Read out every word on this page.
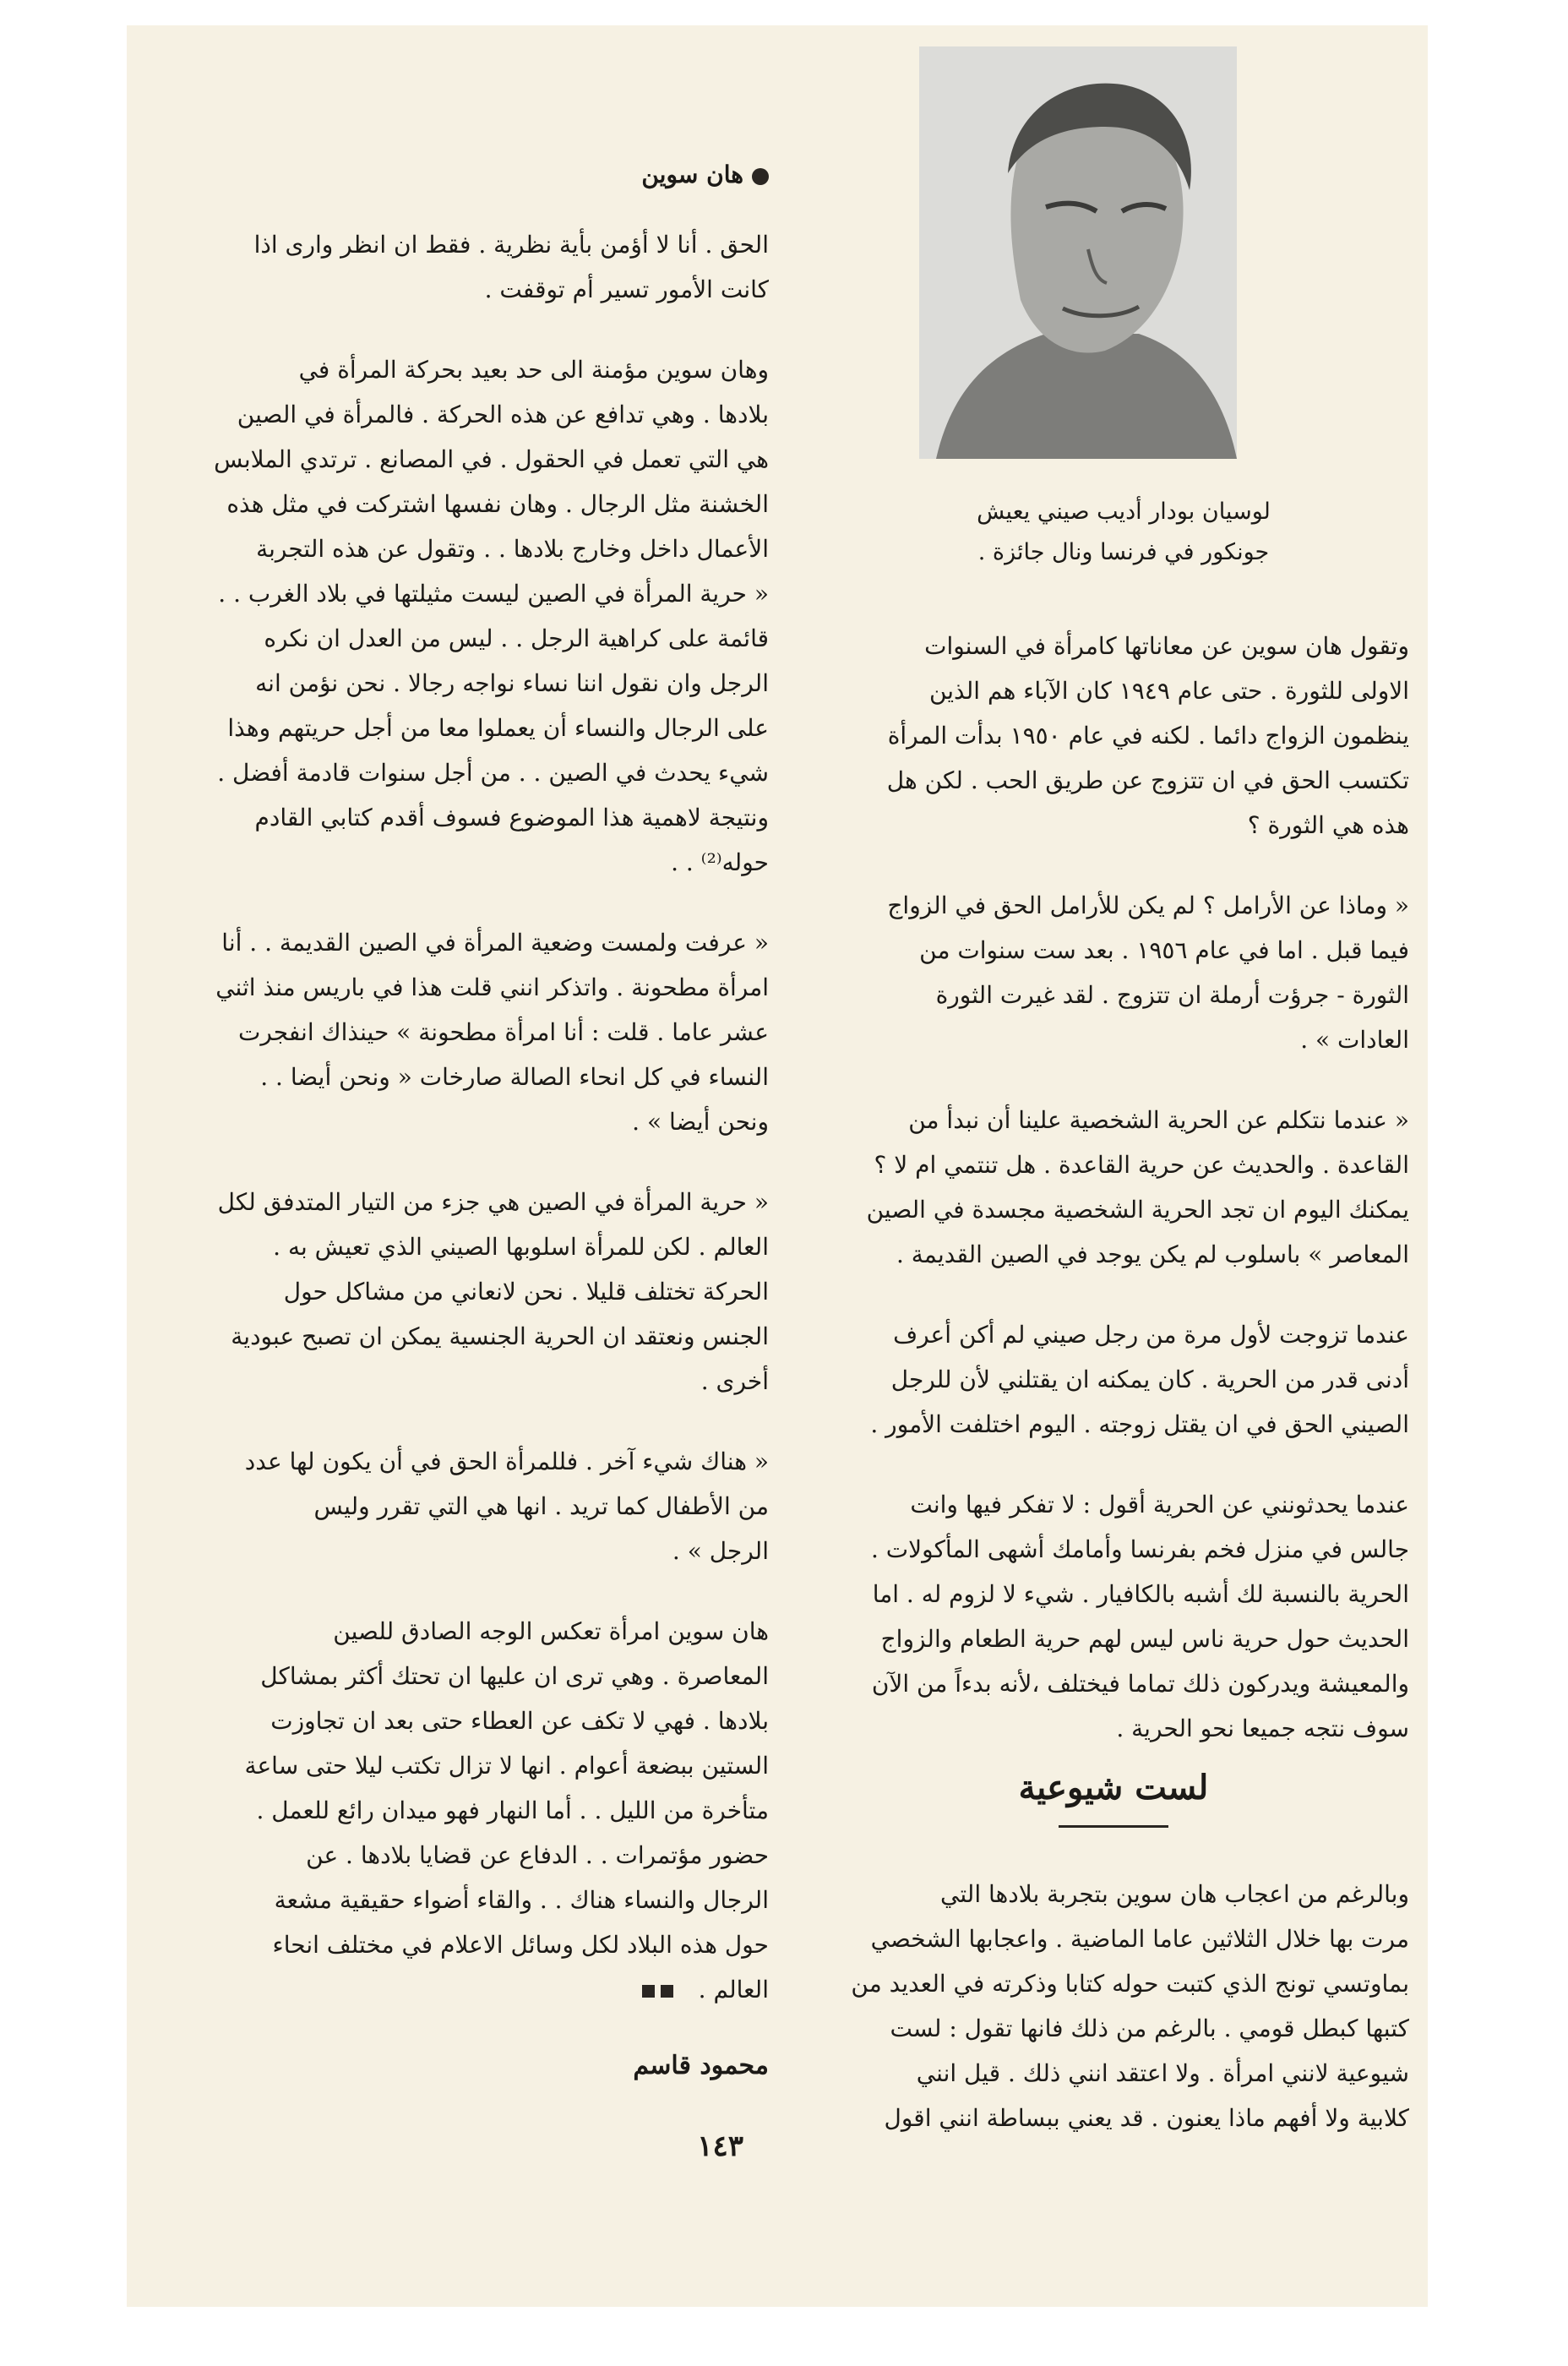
لوسيان بودار أديب صيني يعيش

جونكور في فرنسا ونال جائزة .

هان سوين

الحق . أنا لا أؤمن بأية نظرية . فقط ان انظر وارى اذا

كانت الأمور تسير أم توقفت .

وهان سوين مؤمنة الى حد بعيد بحركة المرأة في

بلادها . وهي تدافع عن هذه الحركة . فالمرأة في الصين

هي التي تعمل في الحقول . في المصانع . ترتدي الملابس

الخشنة مثل الرجال . وهان نفسها اشتركت في مثل هذه

الأعمال داخل وخارج بلادها . . وتقول عن هذه التجربة

« حرية المرأة في الصين ليست مثيلتها في بلاد الغرب . .

قائمة على كراهية الرجل . . ليس من العدل ان نكره

الرجل وان نقول اننا نساء نواجه رجالا . نحن نؤمن انه

على الرجال والنساء أن يعملوا معا من أجل حريتهم وهذا

شيء يحدث في الصين . . من أجل سنوات قادمة أفضل .

ونتيجة لاهمية هذا الموضوع فسوف أقدم كتابي القادم

حوله⁽²⁾ . .

« عرفت ولمست وضعية المرأة في الصين القديمة . . أنا

امرأة مطحونة . واتذكر انني قلت هذا في باريس منذ اثني

عشر عاما . قلت : أنا امرأة مطحونة » حينذاك انفجرت

النساء في كل انحاء الصالة صارخات « ونحن أيضا . .

ونحن أيضا » .

« حرية المرأة في الصين هي جزء من التيار المتدفق لكل

العالم . لكن للمرأة اسلوبها الصيني الذي تعيش به .

الحركة تختلف قليلا . نحن لانعاني من مشاكل حول

الجنس ونعتقد ان الحرية الجنسية يمكن ان تصبح عبودية

أخرى .

« هناك شيء آخر . فللمرأة الحق في أن يكون لها عدد

من الأطفال كما تريد . انها هي التي تقرر وليس

الرجل » .

هان سوين امرأة تعكس الوجه الصادق للصين

المعاصرة . وهي ترى ان عليها ان تحتك أكثر بمشاكل

بلادها . فهي لا تكف عن العطاء حتى بعد ان تجاوزت

الستين ببضعة أعوام . انها لا تزال تكتب ليلا حتى ساعة

متأخرة من الليل . . أما النهار فهو ميدان رائع للعمل .

حضور مؤتمرات . . الدفاع عن قضايا بلادها . عن

الرجال والنساء هناك . . والقاء أضواء حقيقية مشعة

حول هذه البلاد لكل وسائل الاعلام في مختلف انحاء

العالم .

محمود قاسم
١٤٣

وتقول هان سوين عن معاناتها كامرأة في السنوات

الاولى للثورة . حتى عام ١٩٤٩ كان الآباء هم الذين

ينظمون الزواج دائما . لكنه في عام ١٩٥٠ بدأت المرأة

تكتسب الحق في ان تتزوج عن طريق الحب . لكن هل

هذه هي الثورة ؟

« وماذا عن الأرامل ؟ لم يكن للأرامل الحق في الزواج

فيما قبل . اما في عام ١٩٥٦ . بعد ست سنوات من

الثورة - جرؤت أرملة ان تتزوج . لقد غيرت الثورة

العادات » .

« عندما نتكلم عن الحرية الشخصية علينا أن نبدأ من

القاعدة . والحديث عن حرية القاعدة . هل تنتمي ام لا ؟

يمكنك اليوم ان تجد الحرية الشخصية مجسدة في الصين

المعاصر » باسلوب لم يكن يوجد في الصين القديمة .

عندما تزوجت لأول مرة من رجل صيني لم أكن أعرف

أدنى قدر من الحرية . كان يمكنه ان يقتلني لأن للرجل

الصيني الحق في ان يقتل زوجته . اليوم اختلفت الأمور .

عندما يحدثونني عن الحرية أقول : لا تفكر فيها وانت

جالس في منزل فخم بفرنسا وأمامك أشهى المأكولات .

الحرية بالنسبة لك أشبه بالكافيار . شيء لا لزوم له . اما

الحديث حول حرية ناس ليس لهم حرية الطعام والزواج

والمعيشة ويدركون ذلك تماما فيختلف ،لأنه بدءاً من الآن

سوف نتجه جميعا نحو الحرية .

لست شيوعية

وبالرغم من اعجاب هان سوين بتجربة بلادها التي

مرت بها خلال الثلاثين عاما الماضية . واعجابها الشخصي

بماوتسي تونج الذي كتبت حوله كتابا وذكرته في العديد من

كتبها كبطل قومي . بالرغم من ذلك فانها تقول : لست

شيوعية لانني امرأة . ولا اعتقد انني ذلك . قيل انني

كلابية ولا أفهم ماذا يعنون . قد يعني ببساطة انني اقول
